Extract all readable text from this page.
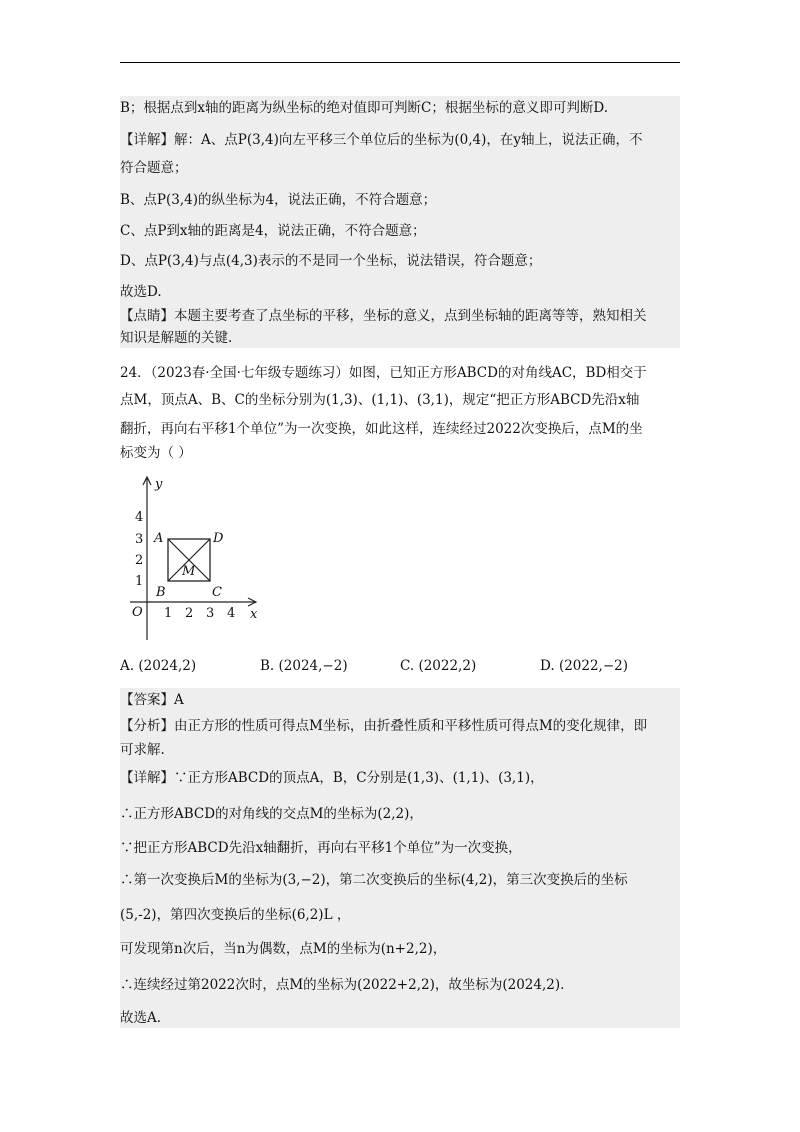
B；根据点到x轴的距离为纵坐标的绝对值即可判断C；根据坐标的意义即可判断D.
【详解】解：A、点P(3,4)向左平移三个单位后的坐标为(0,4)，在y轴上，说法正确，不
符合题意；
B、点P(3,4)的纵坐标为4，说法正确，不符合题意；
C、点P到x轴的距离是4，说法正确，不符合题意；
D、点P(3,4)与点(4,3)表示的不是同一个坐标，说法错误，符合题意；
故选D.
【点睛】本题主要考查了点坐标的平移，坐标的意义，点到坐标轴的距离等等，熟知相关
知识是解题的关键.
24．（2023春·全国·七年级专题练习）如图，已知正方形ABCD的对角线AC，BD相交于
点M，顶点A、B、C的坐标分别为(1,3)、(1,1)、(3,1)，规定“把正方形ABCD先沿x轴
翻折，再向右平移1个单位”为一次变换，如此这样，连续经过2022次变换后，点M的坐
标变为（ ）
y
x
O
A
B	C
D
M
4
3
2
1
1 2 3 4
A. (2024,2)	B. (2024,−2)	C. (2022,2)	D. (2022,−2)
【答案】A
【分析】由正方形的性质可得点M坐标，由折叠性质和平移性质可得点M的变化规律，即
可求解.
【详解】∵正方形ABCD的顶点A，B，C分别是(1,3)、(1,1)、(3,1)，
∴正方形ABCD的对角线的交点M的坐标为(2,2)，
∵把正方形ABCD先沿x轴翻折，再向右平移1个单位”为一次变换，
∴第一次变换后M的坐标为(3,−2)，第二次变换后的坐标(4,2)，第三次变换后的坐标
(5,-2)，第四次变换后的坐标(6,2)L ，
可发现第n次后，当n为偶数，点M的坐标为(n+2,2)，
∴连续经过第2022次时，点M的坐标为(2022+2,2)，故坐标为(2024,2).
故选A.
